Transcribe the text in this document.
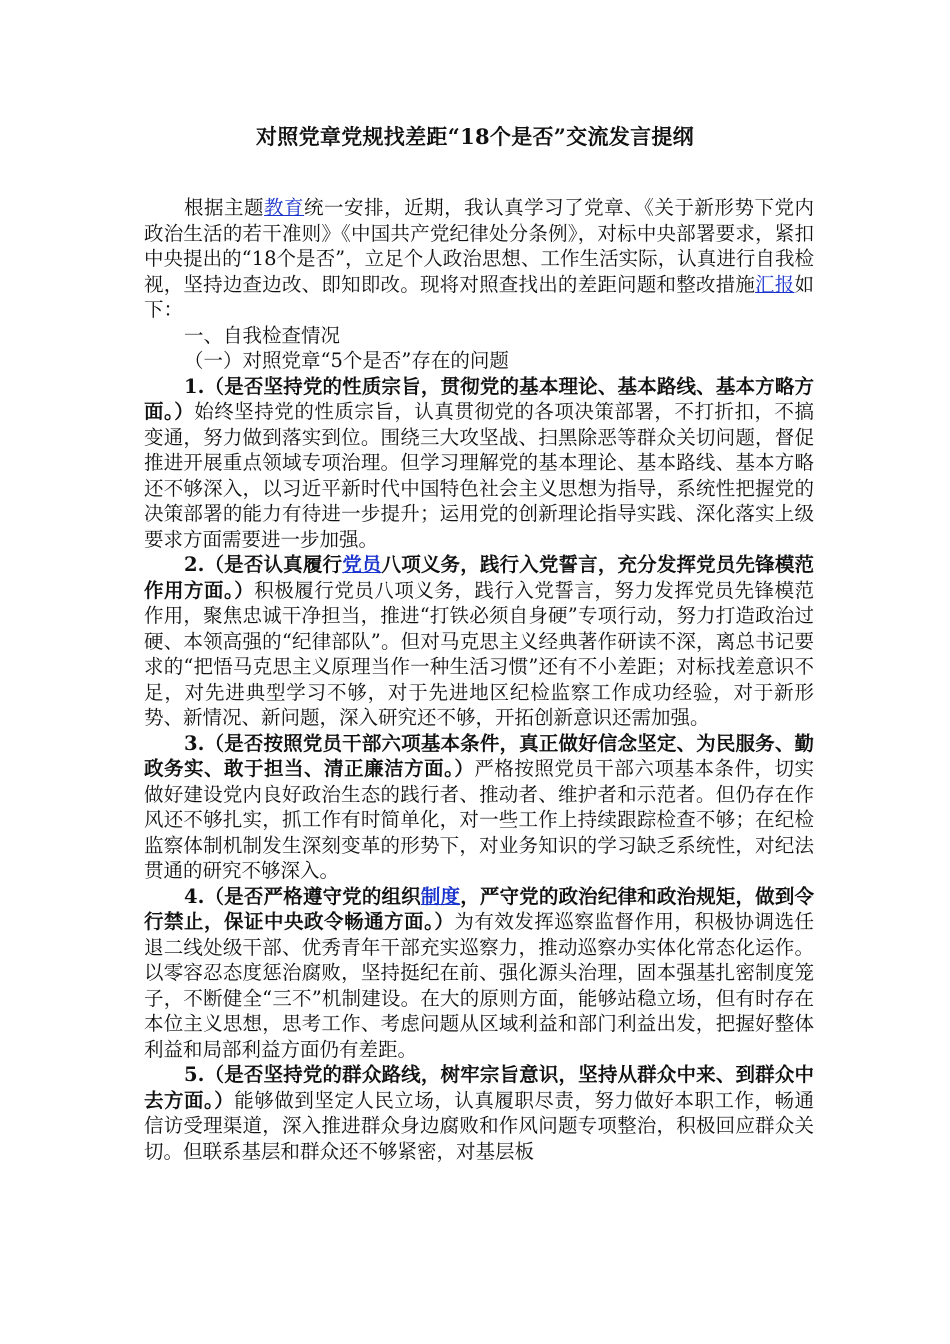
对照党章党规找差距“18个是否”交流发言提纲

根据主题教育统一安排，近期，我认真学习了党章、《关于新形势下党内政治生活的若干准则》《中国共产党纪律处分条例》，对标中央部署要求，紧扣中央提出的“18个是否”，立足个人政治思想、工作生活实际，认真进行自我检视，坚持边查边改、即知即改。现将对照查找出的差距问题和整改措施汇报如下：

一、自我检查情况

（一）对照党章“5个是否”存在的问题

1.（是否坚持党的性质宗旨，贯彻党的基本理论、基本路线、基本方略方面。）始终坚持党的性质宗旨，认真贯彻党的各项决策部署，不打折扣，不搞变通，努力做到落实到位。围绕三大攻坚战、扫黑除恶等群众关切问题，督促推进开展重点领域专项治理。但学习理解党的基本理论、基本路线、基本方略还不够深入，以习近平新时代中国特色社会主义思想为指导，系统性把握党的决策部署的能力有待进一步提升；运用党的创新理论指导实践、深化落实上级要求方面需要进一步加强。

2.（是否认真履行党员八项义务，践行入党誓言，充分发挥党员先锋模范作用方面。）积极履行党员八项义务，践行入党誓言，努力发挥党员先锋模范作用，聚焦忠诚干净担当，推进“打铁必须自身硬”专项行动，努力打造政治过硬、本领高强的“纪律部队”。但对马克思主义经典著作研读不深，离总书记要求的“把悟马克思主义原理当作一种生活习惯”还有不小差距；对标找差意识不足，对先进典型学习不够，对于先进地区纪检监察工作成功经验，对于新形势、新情况、新问题，深入研究还不够，开拓创新意识还需加强。

3.（是否按照党员干部六项基本条件，真正做好信念坚定、为民服务、勤政务实、敢于担当、清正廉洁方面。）严格按照党员干部六项基本条件，切实做好建设党内良好政治生态的践行者、推动者、维护者和示范者。但仍存在作风还不够扎实，抓工作有时简单化，对一些工作上持续跟踪检查不够；在纪检监察体制机制发生深刻变革的形势下，对业务知识的学习缺乏系统性，对纪法贯通的研究不够深入。

4.（是否严格遵守党的组织制度，严守党的政治纪律和政治规矩，做到令行禁止，保证中央政令畅通方面。）为有效发挥巡察监督作用，积极协调选任退二线处级干部、优秀青年干部充实巡察力，推动巡察办实体化常态化运作。以零容忍态度惩治腐败，坚持挺纪在前、强化源头治理，固本强基扎密制度笼子，不断健全“三不”机制建设。在大的原则方面，能够站稳立场，但有时存在本位主义思想，思考工作、考虑问题从区域利益和部门利益出发，把握好整体利益和局部利益方面仍有差距。

5.（是否坚持党的群众路线，树牢宗旨意识，坚持从群众中来、到群众中去方面。）能够做到坚定人民立场，认真履职尽责，努力做好本职工作，畅通信访受理渠道，深入推进群众身边腐败和作风问题专项整治，积极回应群众关切。但联系基层和群众还不够紧密，对基层板
